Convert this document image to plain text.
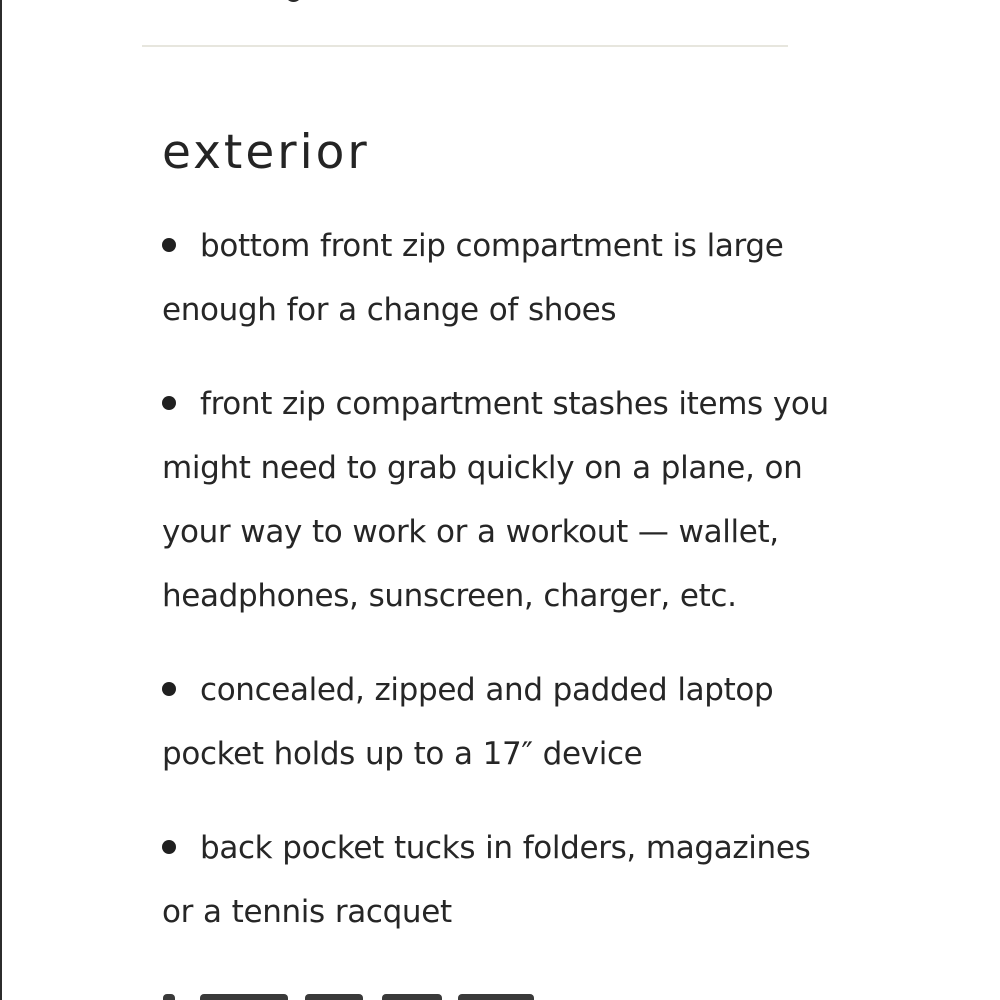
exterior
bottom front zip compartment is large
enough for a change of shoes
front zip compartment stashes items you
might need to grab quickly on a plane, on
your way to work or a workout — wallet,
headphones, sunscreen, charger, etc.
concealed, zipped and padded laptop
pocket holds up to a 17″ device
back pocket tucks in folders, magazines
or a tennis racquet
